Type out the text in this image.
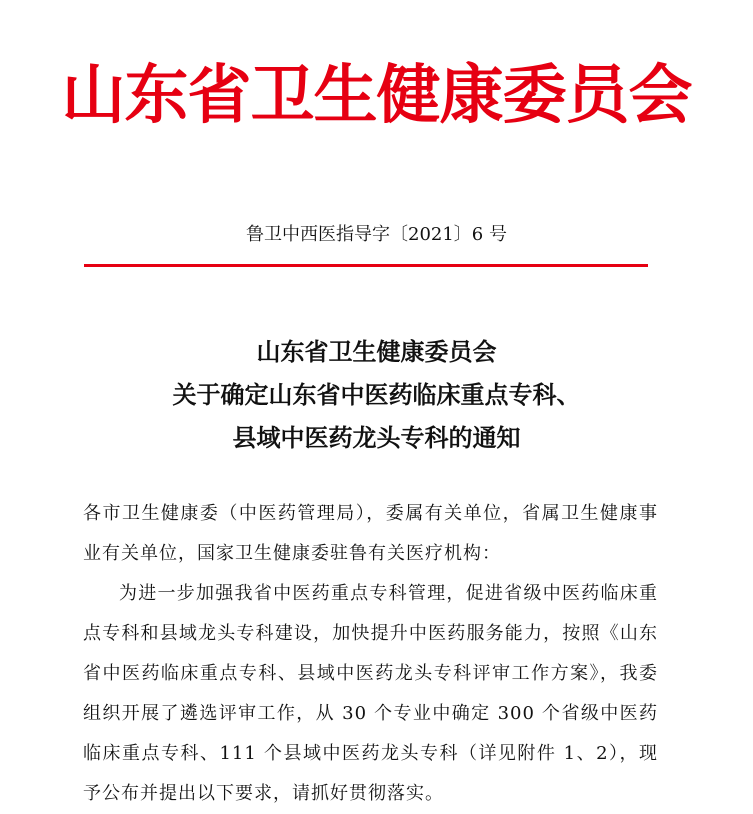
山东省卫生健康委员会
鲁卫中西医指导字〔2021〕6 号
山东省卫生健康委员会
关于确定山东省中医药临床重点专科、
县域中医药龙头专科的通知

各市卫生健康委（中医药管理局），委属有关单位，省属卫生健康事业有关单位，国家卫生健康委驻鲁有关医疗机构：

为进一步加强我省中医药重点专科管理，促进省级中医药临床重点专科和县域龙头专科建设，加快提升中医药服务能力，按照《山东省中医药临床重点专科、县域中医药龙头专科评审工作方案》，我委组织开展了遴选评审工作，从 30 个专业中确定 300 个省级中医药临床重点专科、111 个县域中医药龙头专科（详见附件 1、2），现予公布并提出以下要求，请抓好贯彻落实。
